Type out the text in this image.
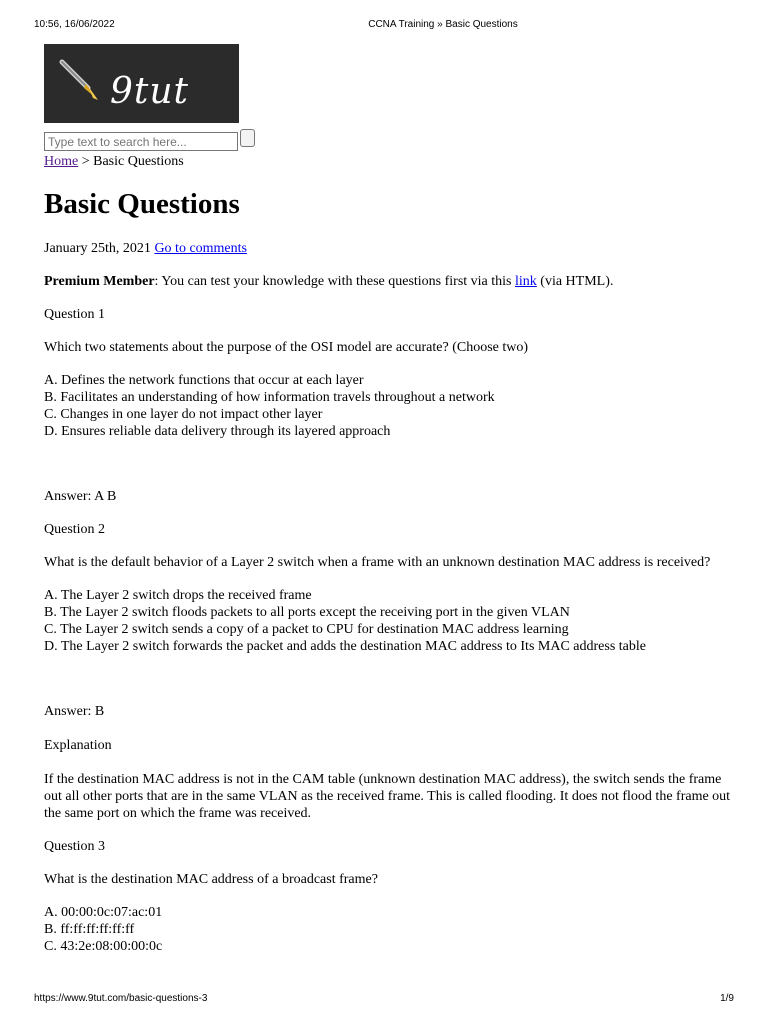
10:56, 16/06/2022	CCNA Training » Basic Questions
9tut
Type text to search here...
Home > Basic Questions
Basic Questions

January 25th, 2021 Go to comments

Premium Member: You can test your knowledge with these questions first via this link (via HTML).

Question 1

Which two statements about the purpose of the OSI model are accurate? (Choose two)

A. Defines the network functions that occur at each layer
B. Facilitates an understanding of how information travels throughout a network
C. Changes in one layer do not impact other layer
D. Ensures reliable data delivery through its layered approach

Answer: A B

Question 2

What is the default behavior of a Layer 2 switch when a frame with an unknown destination MAC address is received?

A. The Layer 2 switch drops the received frame
B. The Layer 2 switch floods packets to all ports except the receiving port in the given VLAN
C. The Layer 2 switch sends a copy of a packet to CPU for destination MAC address learning
D. The Layer 2 switch forwards the packet and adds the destination MAC address to Its MAC address table

Answer: B

Explanation

If the destination MAC address is not in the CAM table (unknown destination MAC address), the switch sends the frame out all other ports that are in the same VLAN as the received frame. This is called flooding. It does not flood the frame out the same port on which the frame was received.

Question 3

What is the destination MAC address of a broadcast frame?

A. 00:00:0c:07:ac:01
B. ff:ff:ff:ff:ff:ff
C. 43:2e:08:00:00:0c
https://www.9tut.com/basic-questions-3	1/9
